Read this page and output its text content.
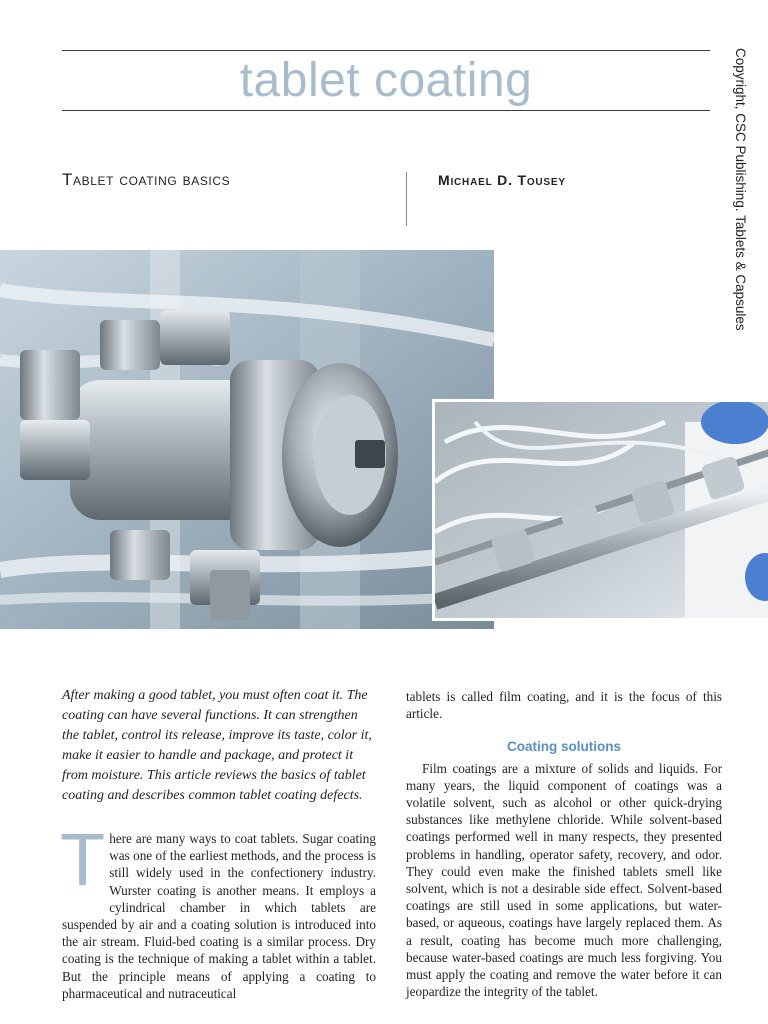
tablet coating	Copyright, CSC Publishing. Tablets & Capsules
Tablet coating basics	Michael D. Tousey
After making a good tablet, you must often coat it. The coating can have several functions. It can strengthen the tablet, control its release, improve its taste, color it, make it easier to handle and package, and protect it from moisture. This article reviews the basics of tablet coating and describes common tablet coating defects.
There are many ways to coat tablets. Sugar coating was one of the earliest methods, and the process is still widely used in the confectionery industry. Wurster coating is another means. It employs a cylindrical chamber in which tablets are suspended by air and a coating solution is introduced into the air stream. Fluid-bed coating is a similar process. Dry coating is the technique of making a tablet within a tablet. But the principle means of applying a coating to pharmaceutical and nutraceutical

tablets is called film coating, and it is the focus of this article.

Coating solutions

Film coatings are a mixture of solids and liquids. For many years, the liquid component of coatings was a volatile solvent, such as alcohol or other quick-drying substances like methylene chloride. While solvent-based coatings performed well in many respects, they presented problems in handling, operator safety, recovery, and odor. They could even make the finished tablets smell like solvent, which is not a desirable side effect. Solvent-based coatings are still used in some applications, but water-based, or aqueous, coatings have largely replaced them. As a result, coating has become much more challenging, because water-based coatings are much less forgiving. You must apply the coating and remove the water before it can jeopardize the integrity of the tablet.
